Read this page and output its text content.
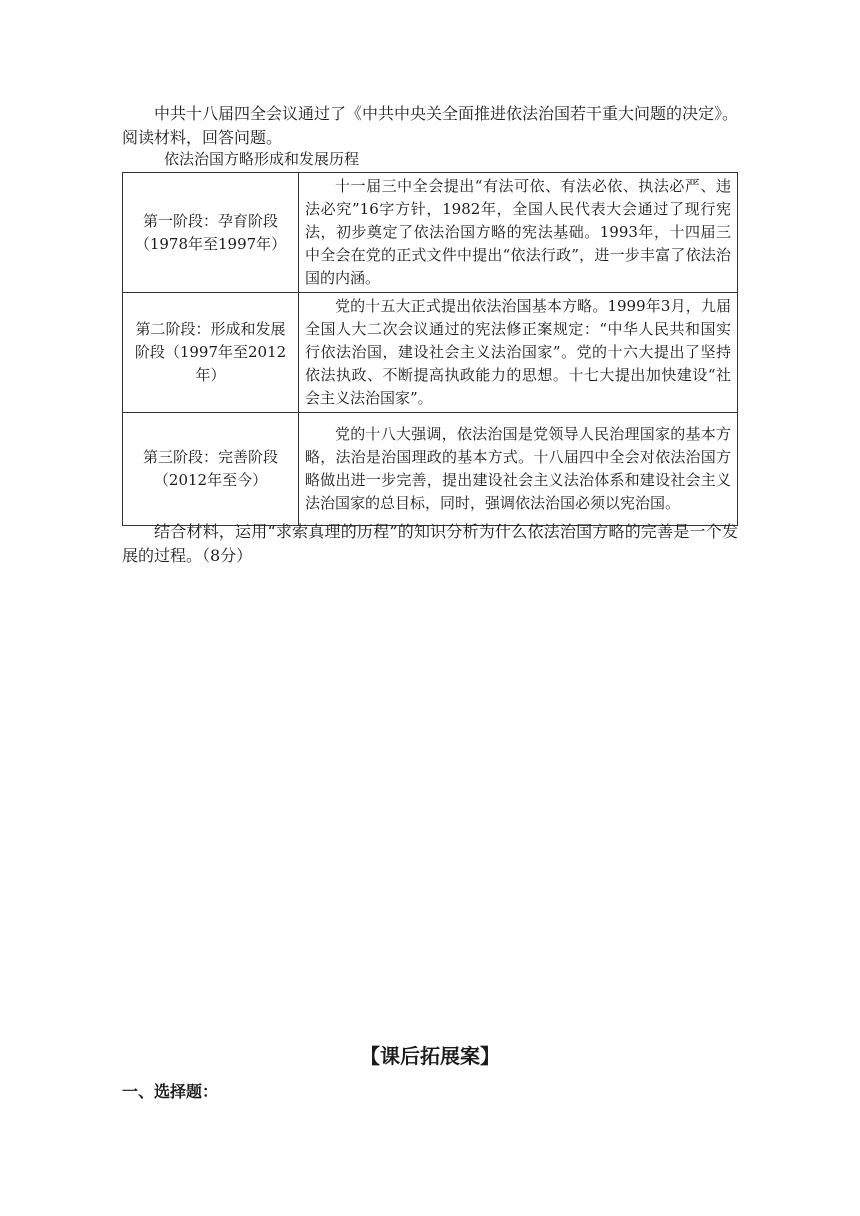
中共十八届四全会议通过了《中共中央关全面推进依法治国若干重大问题的决定》。阅读材料，回答问题。

依法治国方略形成和发展历程
第一阶段：孕育阶段（1978年至1997年）	十一届三中全会提出“有法可依、有法必依、执法必严、违法必究”16字方针，1982年，全国人民代表大会通过了现行宪法，初步奠定了依法治国方略的宪法基础。1993年，十四届三中全会在党的正式文件中提出“依法行政”，进一步丰富了依法治国的内涵。
第二阶段：形成和发展阶段（1997年至2012年）	党的十五大正式提出依法治国基本方略。1999年3月，九届全国人大二次会议通过的宪法修正案规定：“中华人民共和国实行依法治国，建设社会主义法治国家”。党的十六大提出了坚持依法执政、不断提高执政能力的思想。十七大提出加快建设“社会主义法治国家”。
第三阶段：完善阶段（2012年至今）	党的十八大强调，依法治国是党领导人民治理国家的基本方略，法治是治国理政的基本方式。十八届四中全会对依法治国方略做出进一步完善，提出建设社会主义法治体系和建设社会主义法治国家的总目标，同时，强调依法治国必须以宪治国。

结合材料，运用“求索真理的历程”的知识分析为什么依法治国方略的完善是一个发展的过程。（8分）

【课后拓展案】
一、选择题：
